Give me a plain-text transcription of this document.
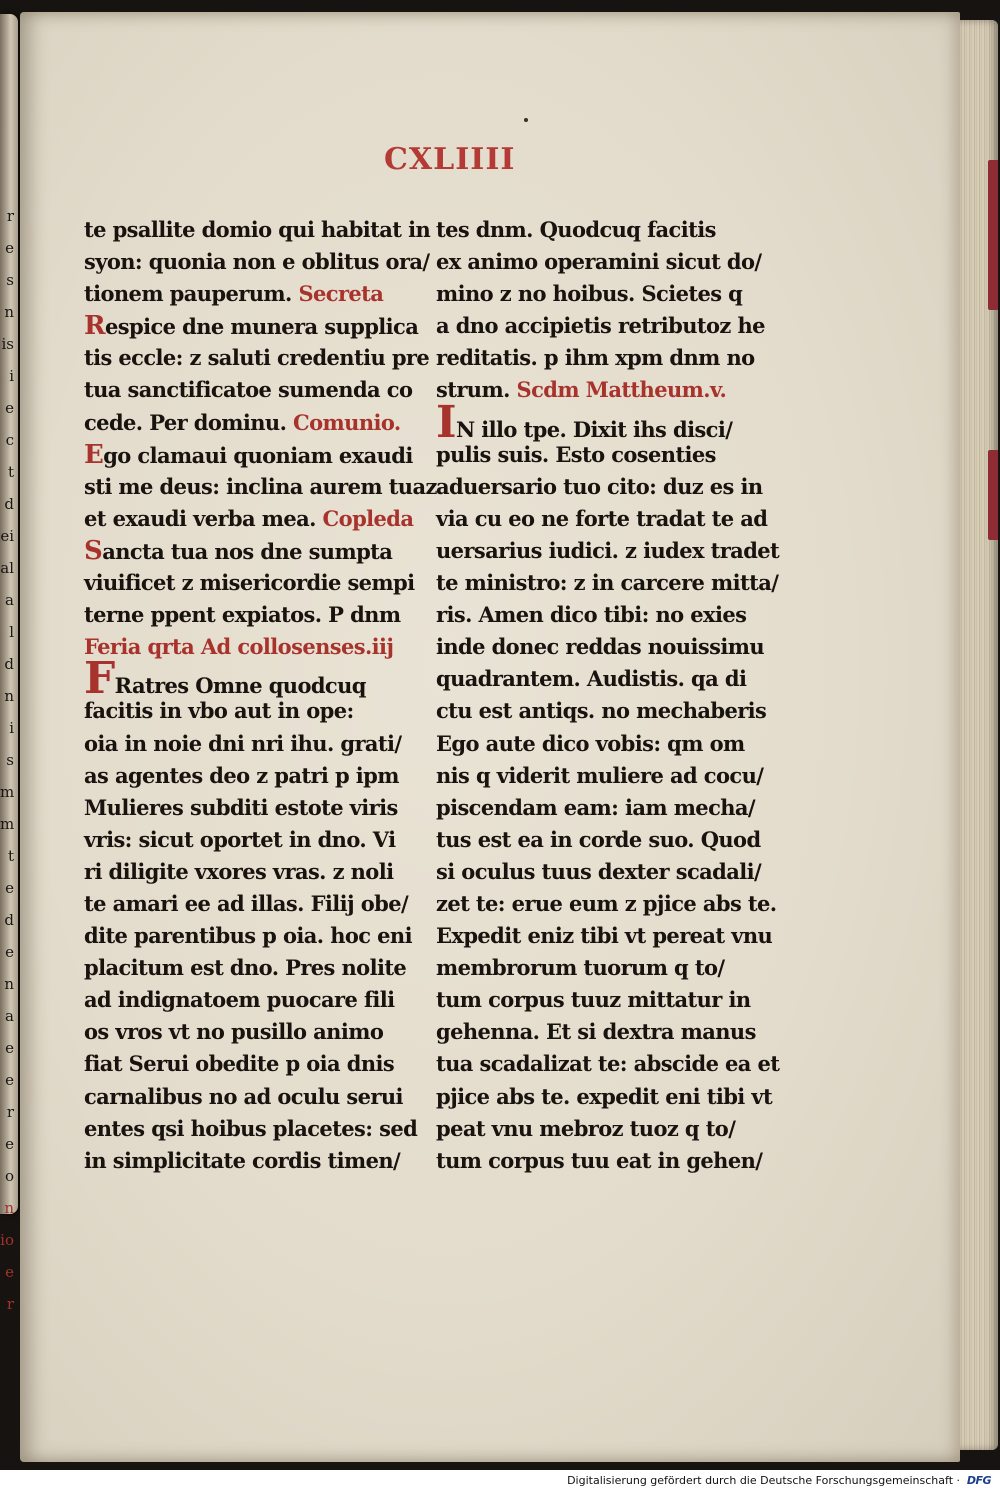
re
s
n
is
i
ec
t
d
ei
ala
ld
ni
sm
m
t
e
d
e
n
a
e
e
r
e
o
n
io
er
CXLIIII
te psallite domio qui habitat in
syon: quonia non e oblitus ora/
tionem pauperum. Secreta
Respice dne munera supplica
tis eccle: z saluti credentiu pre
tua sanctificatoe sumenda co
cede. Per dominu. Comunio.
Ego clamaui quoniam exaudi
sti me deus: inclina aurem tuaz
et exaudi verba mea. Copleda
Sancta tua nos dne sumpta
viuificet z misericordie sempi
terne ppent expiatos. P dnm
Feria qrta Ad collosenses.iij
FRatres Omne quodcuq
facitis in vbo aut in ope:
oia in noie dni nri ihu. grati/
as agentes deo z patri p ipm
Mulieres subditi estote viris
vris: sicut oportet in dno. Vi
ri diligite vxores vras. z noli
te amari ee ad illas. Filij obe/
dite parentibus p oia. hoc eni
placitum est dno. Pres nolite
ad indignatoem puocare fili
os vros vt no pusillo animo
fiat Serui obedite p oia dnis
carnalibus no ad oculu serui
entes qsi hoibus placetes: sed
in simplicitate cordis timen/
tes dnm. Quodcuq facitis
ex animo operamini sicut do/
mino z no hoibus. Scietes q
a dno accipietis retributoz he
reditatis. p ihm xpm dnm no
strum. Scdm Mattheum.v.
IN illo tpe. Dixit ihs disci/
pulis suis. Esto cosenties
aduersario tuo cito: duz es in
via cu eo ne forte tradat te ad
uersarius iudici. z iudex tradet
te ministro: z in carcere mitta/
ris. Amen dico tibi: no exies
inde donec reddas nouissimu
quadrantem. Audistis. qa di
ctu est antiqs. no mechaberis
Ego aute dico vobis: qm om
nis q viderit muliere ad cocu/
piscendam eam: iam mecha/
tus est ea in corde suo. Quod
si oculus tuus dexter scadali/
zet te: erue eum z pjice abs te.
Expedit eniz tibi vt pereat vnu
membrorum tuorum q to/
tum corpus tuuz mittatur in
gehenna. Et si dextra manus
tua scadalizat te: abscide ea et
pjice abs te. expedit eni tibi vt
peat vnu mebroz tuoz q to/
tum corpus tuu eat in gehen/
Digitalisierung gefördert durch die Deutsche Forschungsgemeinschaft · DFG
